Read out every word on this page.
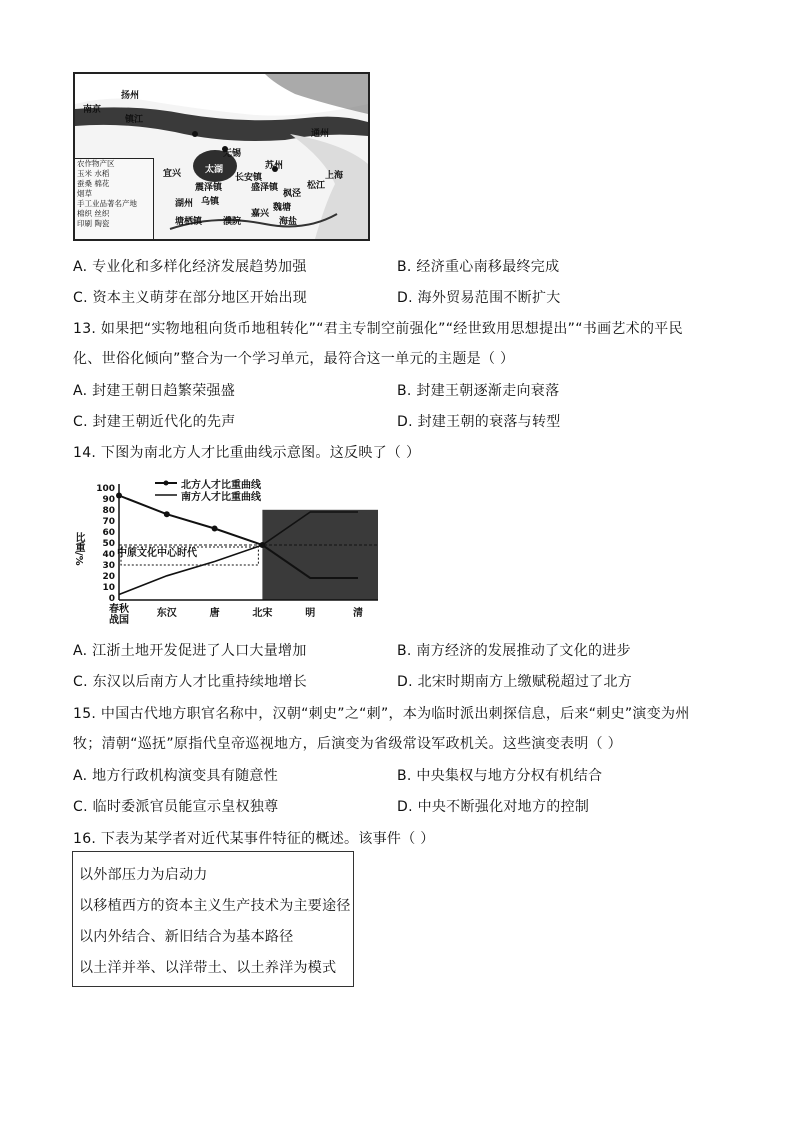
扬州
南京
镇江
通州
宜兴
无锡
苏州
太湖
上海
松江
湖州 乌镇
濮院
嘉兴
塘栖镇	海盐
魏塘
震泽镇	盛泽镇
枫泾
长安镇
农作物产区
玉米 水稻
蚕桑 棉花
烟草
手工业品著名产地
棉织 丝织
印刷 陶瓷
A. 专业化和多样化经济发展趋势加强	B. 经济重心南移最终完成
C. 资本主义萌芽在部分地区开始出现	D. 海外贸易范围不断扩大
13. 如果把“实物地租向货币地租转化”“君主专制空前强化”“经世致用思想提出”“书画艺术的平民
化、世俗化倾向”整合为一个学习单元，最符合这一单元的主题是（ ）
A. 封建王朝日趋繁荣强盛	B. 封建王朝逐渐走向衰落
C. 封建王朝近代化的先声	D. 封建王朝的衰落与转型
14. 下图为南北方人才比重曲线示意图。这反映了（ ）
比重/%
北方人才比重曲线
南方人才比重曲线
中原文化中心时代
0
10
20
30
40
50
60
70
80
90
100
春秋战国
东汉	唐	北宋	明	清
A. 江浙土地开发促进了人口大量增加	B. 南方经济的发展推动了文化的进步
C. 东汉以后南方人才比重持续地增长	D. 北宋时期南方上缴赋税超过了北方
15. 中国古代地方职官名称中，汉朝“刺史”之“刺”，本为临时派出刺探信息，后来“刺史”演变为州
牧；清朝“巡抚”原指代皇帝巡视地方，后演变为省级常设军政机关。这些演变表明（ ）
A. 地方行政机构演变具有随意性	B. 中央集权与地方分权有机结合
C. 临时委派官员能宣示皇权独尊	D. 中央不断强化对地方的控制
16. 下表为某学者对近代某事件特征的概述。该事件（ ）
以外部压力为启动力
以移植西方的资本主义生产技术为主要途径
以内外结合、新旧结合为基本路径
以土洋并举、以洋带土、以土养洋为模式
